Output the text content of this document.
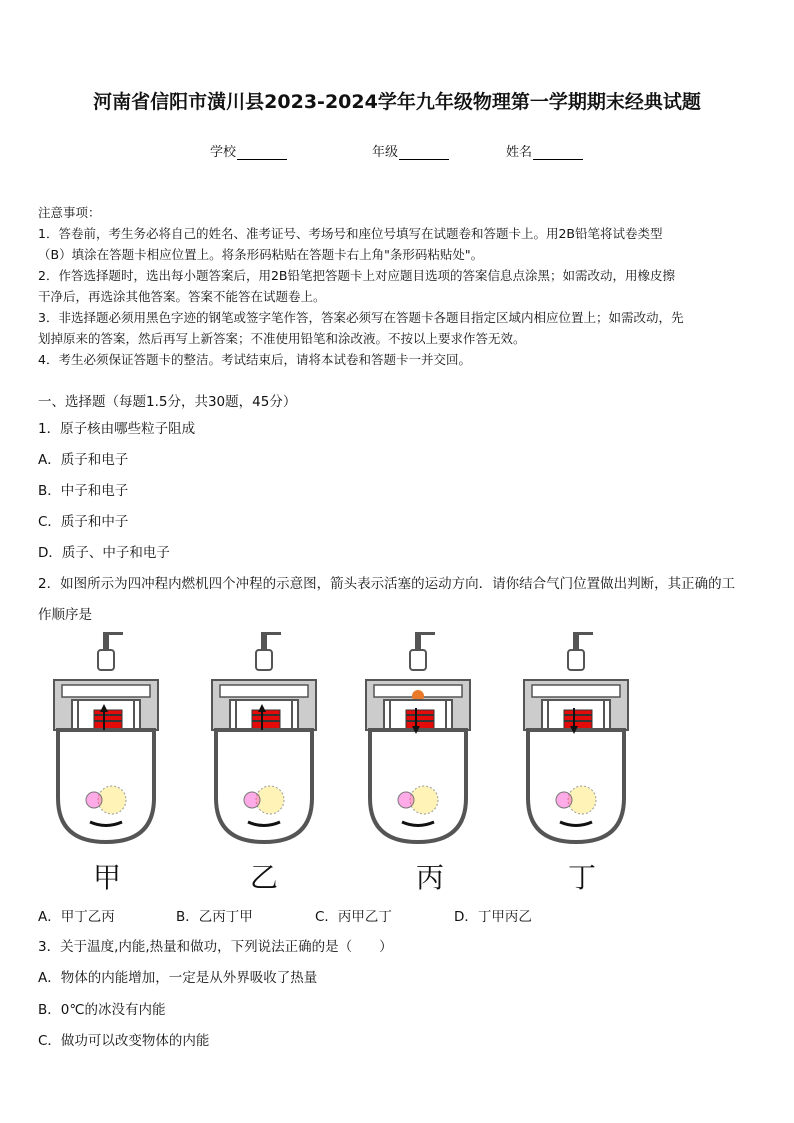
河南省信阳市潢川县2023-2024学年九年级物理第一学期期末经典试题
学校	年级	姓名
注意事项：
1．答卷前，考生务必将自己的姓名、准考证号、考场号和座位号填写在试题卷和答题卡上。用2B铅笔将试卷类型
（B）填涂在答题卡相应位置上。将条形码粘贴在答题卡右上角"条形码粘贴处"。
2．作答选择题时，选出每小题答案后，用2B铅笔把答题卡上对应题目选项的答案信息点涂黑；如需改动，用橡皮擦
干净后，再选涂其他答案。答案不能答在试题卷上。
3．非选择题必须用黑色字迹的钢笔或签字笔作答，答案必须写在答题卡各题目指定区域内相应位置上；如需改动，先
划掉原来的答案，然后再写上新答案；不准使用铅笔和涂改液。不按以上要求作答无效。
4．考生必须保证答题卡的整洁。考试结束后，请将本试卷和答题卡一并交回。
一、选择题（每题1.5分，共30题，45分）
1．原子核由哪些粒子阻成
A．质子和电子
B．中子和电子
C．质子和中子
D．质子、中子和电子
2．如图所示为四冲程内燃机四个冲程的示意图，箭头表示活塞的运动方向．请你结合气门位置做出判断，其正确的工
作顺序是
甲	乙	丙	丁
A．甲丁乙丙	B．乙丙丁甲	C．丙甲乙丁	D．丁甲丙乙
3．关于温度,内能,热量和做功，下列说法正确的是（　　）
A．物体的内能增加，一定是从外界吸收了热量
B．0℃的冰没有内能
C．做功可以改变物体的内能
